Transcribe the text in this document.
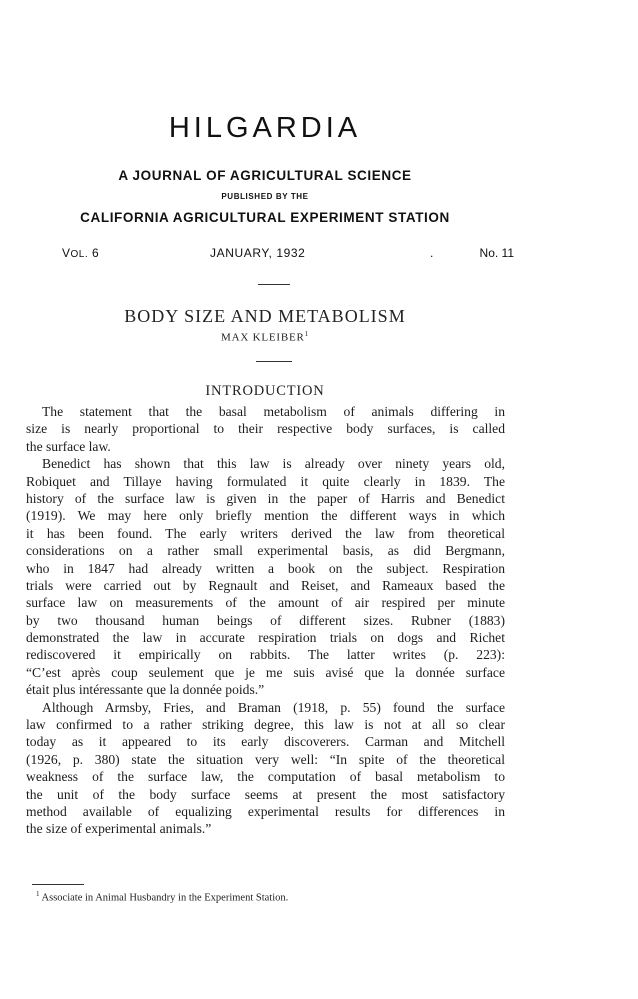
HILGARDIA
A JOURNAL OF AGRICULTURAL SCIENCE
PUBLISHED BY THE
CALIFORNIA AGRICULTURAL EXPERIMENT STATION
VOL. 6	JANUARY, 1932	.	No. 11
BODY SIZE AND METABOLISM
MAX KLEIBER$^1$
INTRODUCTION
The statement that the basal metabolism of animals differing in
size is nearly proportional to their respective body surfaces, is called
the surface law.
Benedict has shown that this law is already over ninety years old,
Robiquet and Tillaye having formulated it quite clearly in 1839. The
history of the surface law is given in the paper of Harris and Benedict
(1919). We may here only briefly mention the different ways in which
it has been found. The early writers derived the law from theoretical
considerations on a rather small experimental basis, as did Bergmann,
who in 1847 had already written a book on the subject. Respiration
trials were carried out by Regnault and Reiset, and Rameaux based the
surface law on measurements of the amount of air respired per minute
by two thousand human beings of different sizes. Rubner (1883)
demonstrated the law in accurate respiration trials on dogs and Richet
rediscovered it empirically on rabbits. The latter writes (p. 223):
“C’est après coup seulement que je me suis avisé que la donnée surface
était plus intéressante que la donnée poids.”
Although Armsby, Fries, and Braman (1918, p. 55) found the surface
law confirmed to a rather striking degree, this law is not at all so clear
today as it appeared to its early discoverers. Carman and Mitchell
(1926, p. 380) state the situation very well: “In spite of the theoretical
weakness of the surface law, the computation of basal metabolism to
the unit of the body surface seems at present the most satisfactory
method available of equalizing experimental results for differences in
the size of experimental animals.”
$^1$ Associate in Animal Husbandry in the Experiment Station.
